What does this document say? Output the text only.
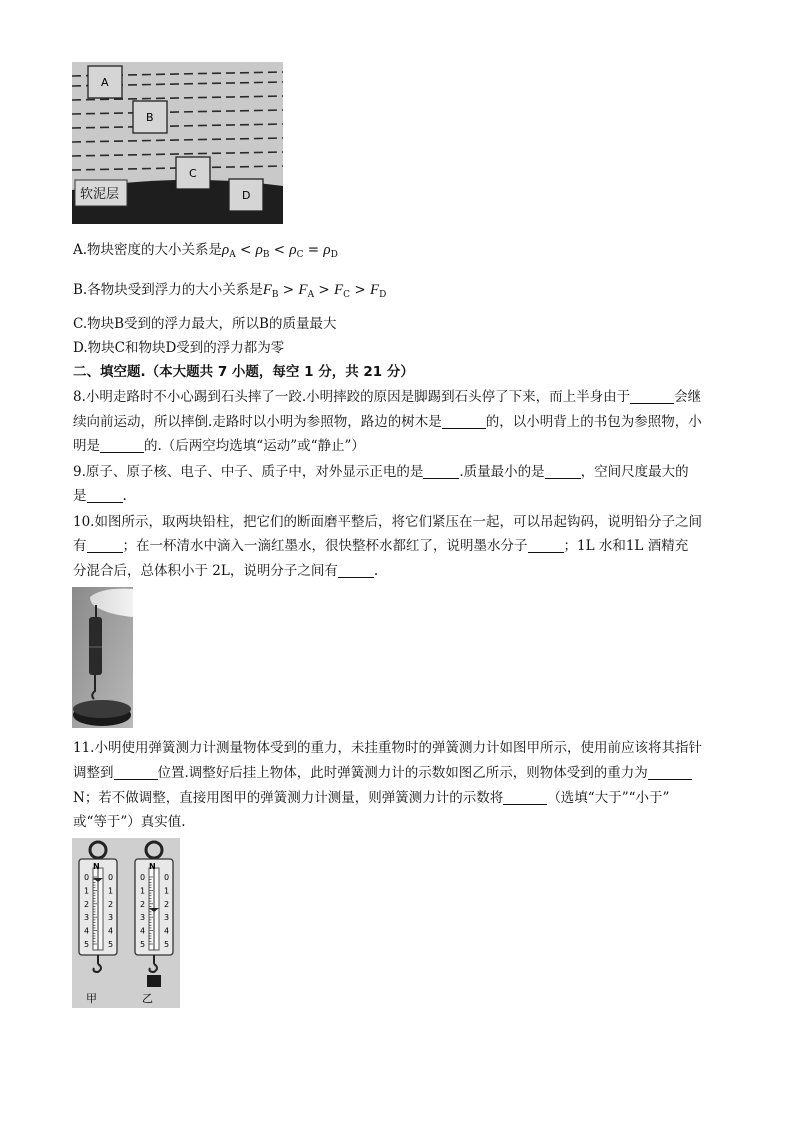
软泥层
A
B
C
D
A.物块密度的大小关系是$\rho_A < \rho_B < \rho_C = \rho_D$
B.各物块受到浮力的大小关系是$F_B > F_A > F_C > F_D$
C.物块B受到的浮力最大，所以B的质量最大
D.物块C和物块D受到的浮力都为零
二、填空题.（本大题共 7 小题，每空 1 分，共 21 分）
8.小明走路时不小心踢到石头摔了一跤.小明摔跤的原因是脚踢到石头停了下来，而上半身由于	会继
续向前运动，所以摔倒.走路时以小明为参照物，路边的树木是	的，以小明背上的书包为参照物，小
明是	的.（后两空均选填“运动”或“静止”）
9.原子、原子核、电子、中子、质子中，对外显示正电的是	.质量最小的是	，空间尺度最大的
是	.
10.如图所示，取两块铅柱，把它们的断面磨平整后，将它们紧压在一起，可以吊起钩码，说明铅分子之间
有	；在一杯清水中滴入一滴红墨水，很快整杯水都红了，说明墨水分子	；1L 水和1L 酒精充
分混合后，总体积小于 2L，说明分子之间有	.
11.小明使用弹簧测力计测量物体受到的重力，未挂重物时的弹簧测力计如图甲所示，使用前应该将其指针
调整到	位置.调整好后挂上物体，此时弹簧测力计的示数如图乙所示，则物体受到的重力为
N；若不做调整，直接用图甲的弹簧测力计测量，则弹簧测力计的示数将	（选填“大于”“小于”
或“等于”）真实值.
0
1
2
3
4
5
0
1
2
3
4
5
0
1
2
3
4
5
0
1
2
3
4
5
N	N
甲	乙
